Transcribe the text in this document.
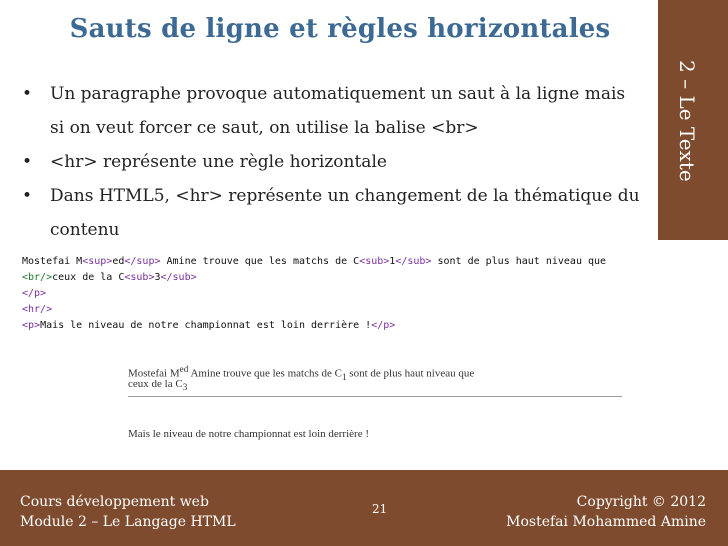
Sauts de ligne et règles horizontales
2 – Le Texte
• Un paragraphe provoque automatiquement un saut à la ligne mais si on veut forcer ce saut, on utilise la balise <br>
• <hr> représente une règle horizontale
• Dans HTML5, <hr> représente un changement de la thématique du contenu
Mostefai M<sup>ed</sup> Amine trouve que les matchs de C<sub>1</sub> sont de plus haut niveau que
<br/>ceux de la C<sub>3</sub>
</p>
<hr/>
<p>Mais le niveau de notre championnat est loin derrière !</p>
Mostefai $M^{ed}$ Amine trouve que les matchs de $C_1$ sont de plus haut niveau que
ceux de la $C_3$
Mais le niveau de notre championnat est loin derrière !
Cours développement web
Module 2 – Le Langage HTML
21	Copyright © 2012
Mostefai Mohammed Amine
